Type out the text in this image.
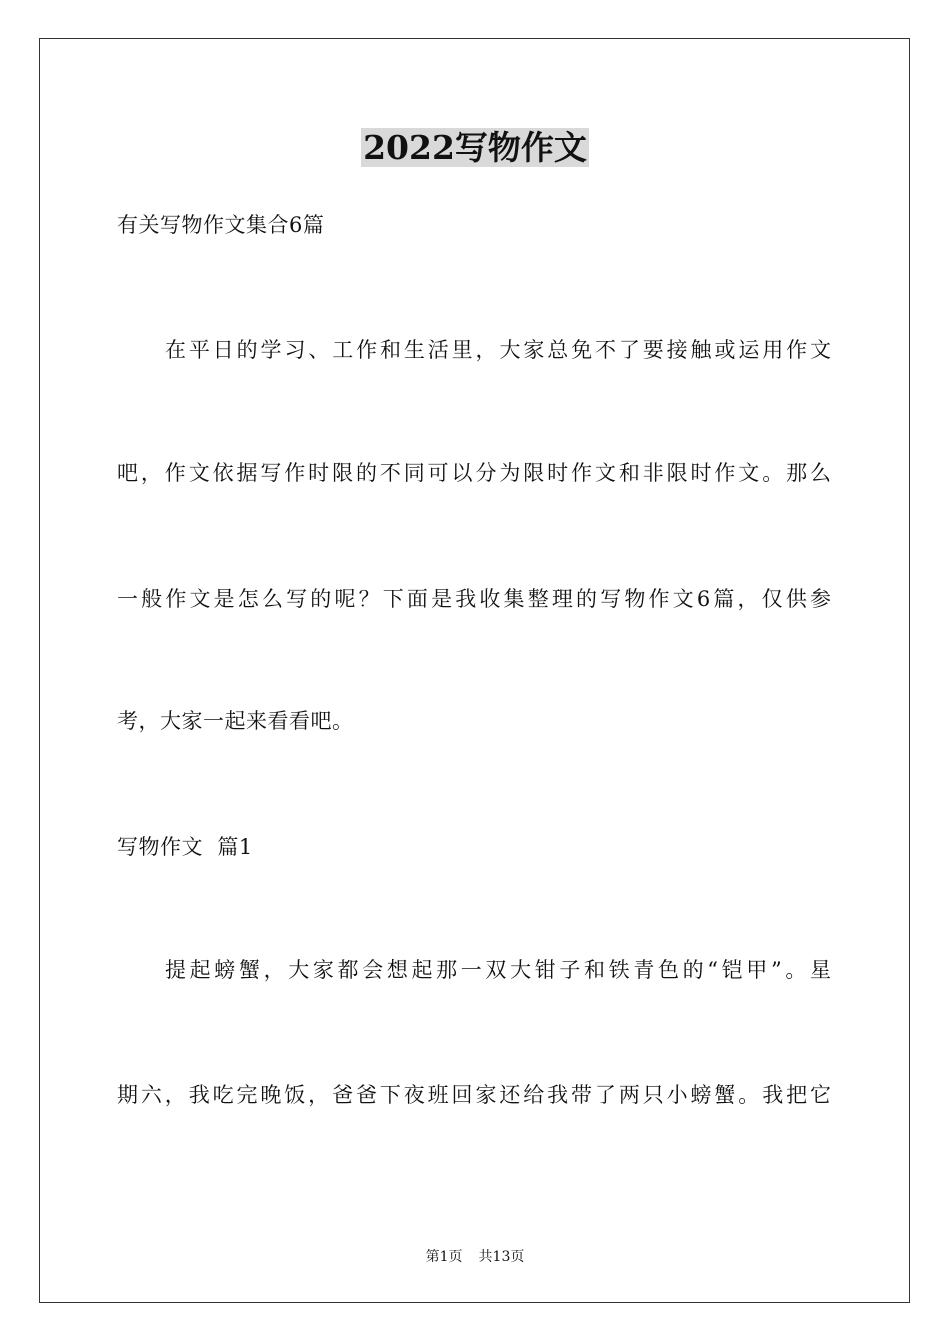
2022写物作文
有关写物作文集合6篇
在平日的学习、工作和生活里，大家总免不了要接触或运用作文
吧，作文依据写作时限的不同可以分为限时作文和非限时作文。那么
一般作文是怎么写的呢？下面是我收集整理的写物作文6篇，仅供参
考，大家一起来看看吧。
写物作文  篇1
提起螃蟹，大家都会想起那一双大钳子和铁青色的“铠甲”。星
期六，我吃完晚饭，爸爸下夜班回家还给我带了两只小螃蟹。我把它
第1页 共13页
